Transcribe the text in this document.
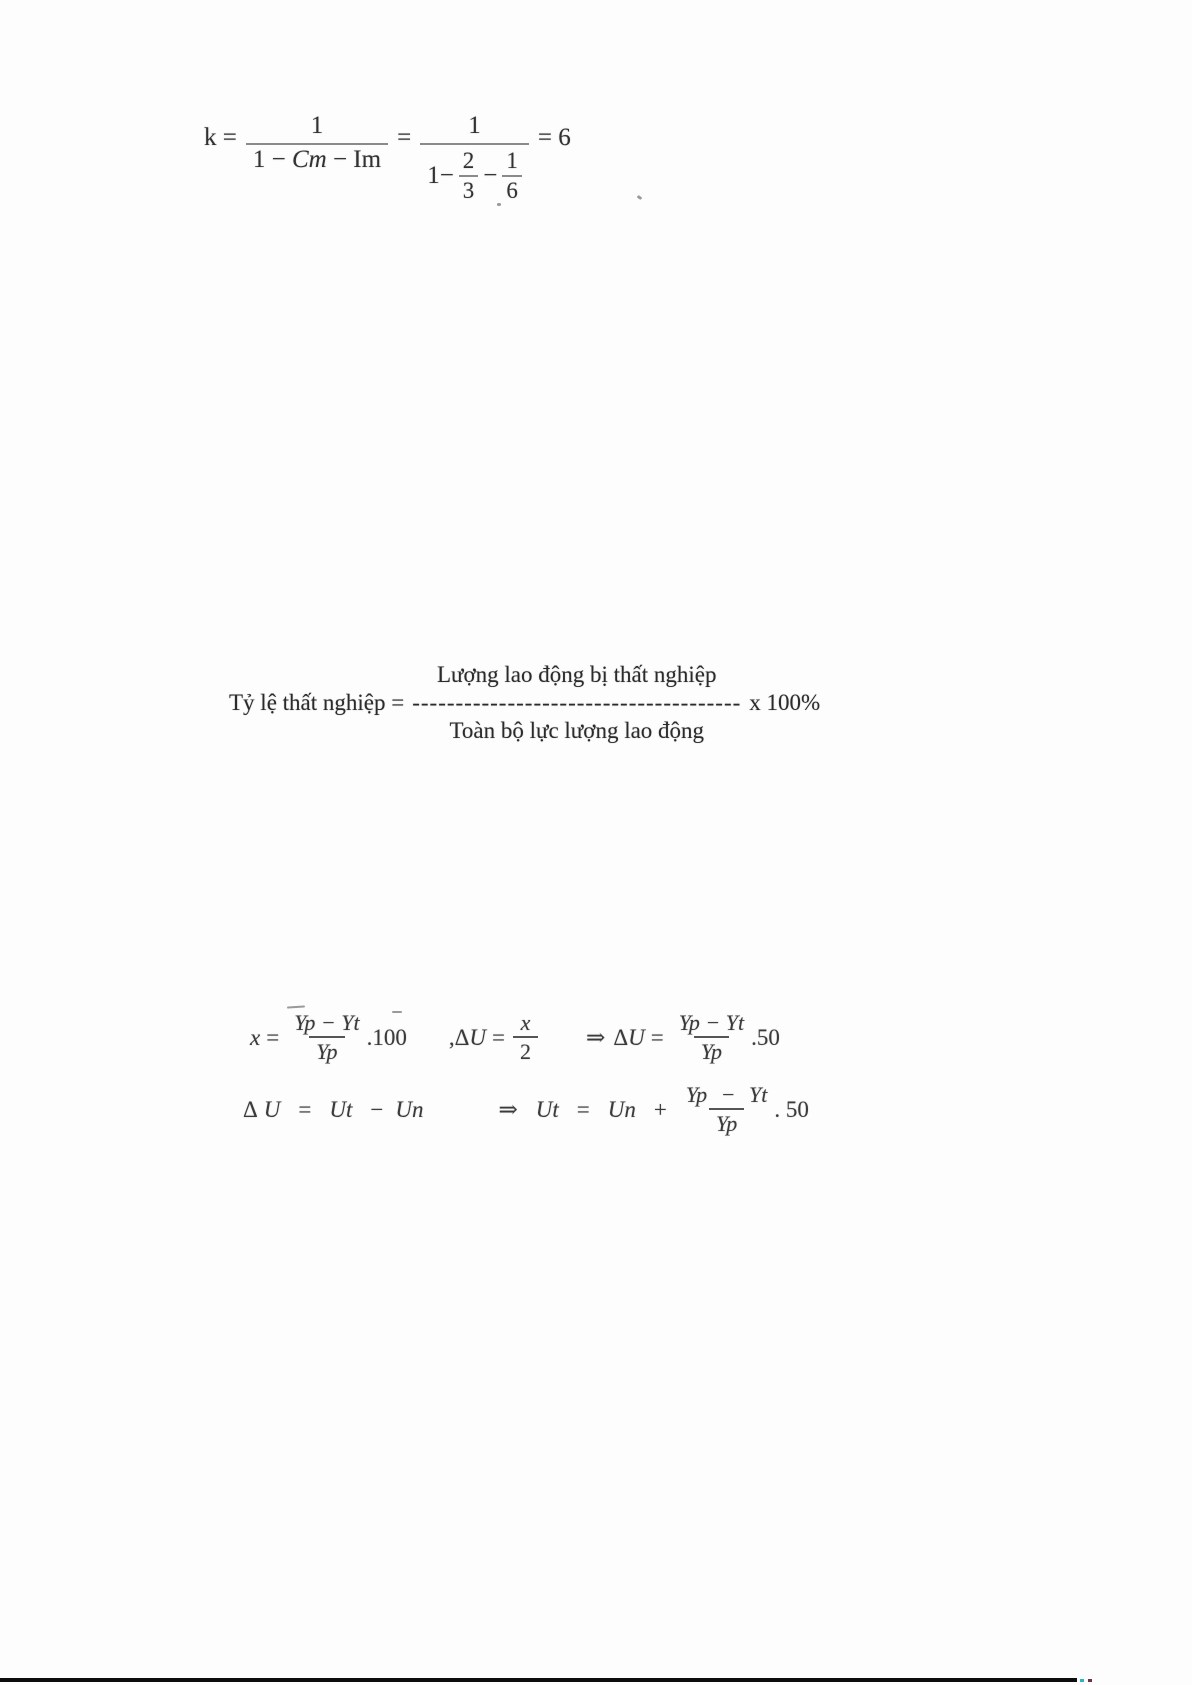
$k = \frac{1}{1 - Cm - Im} = \frac{1}{1- \frac{2}{3} - \frac{1}{6}} = 6$
Tỷ lệ thất nghiệp =
Lượng lao động bị thất nghiệp
--------------------------------------
Toàn bộ lực lượng lao động
x 100%
$x = \frac{Yp - Yt}{Yp} .100$ , Δ $U = \frac{x}{2}$ ⇒ Δ $U = \frac{Yp - Yt}{Yp} .50$
Δ U = Ut − Un	⇒ $Ut = Un + \frac{Yp - Yt}{Yp}$ . 50
